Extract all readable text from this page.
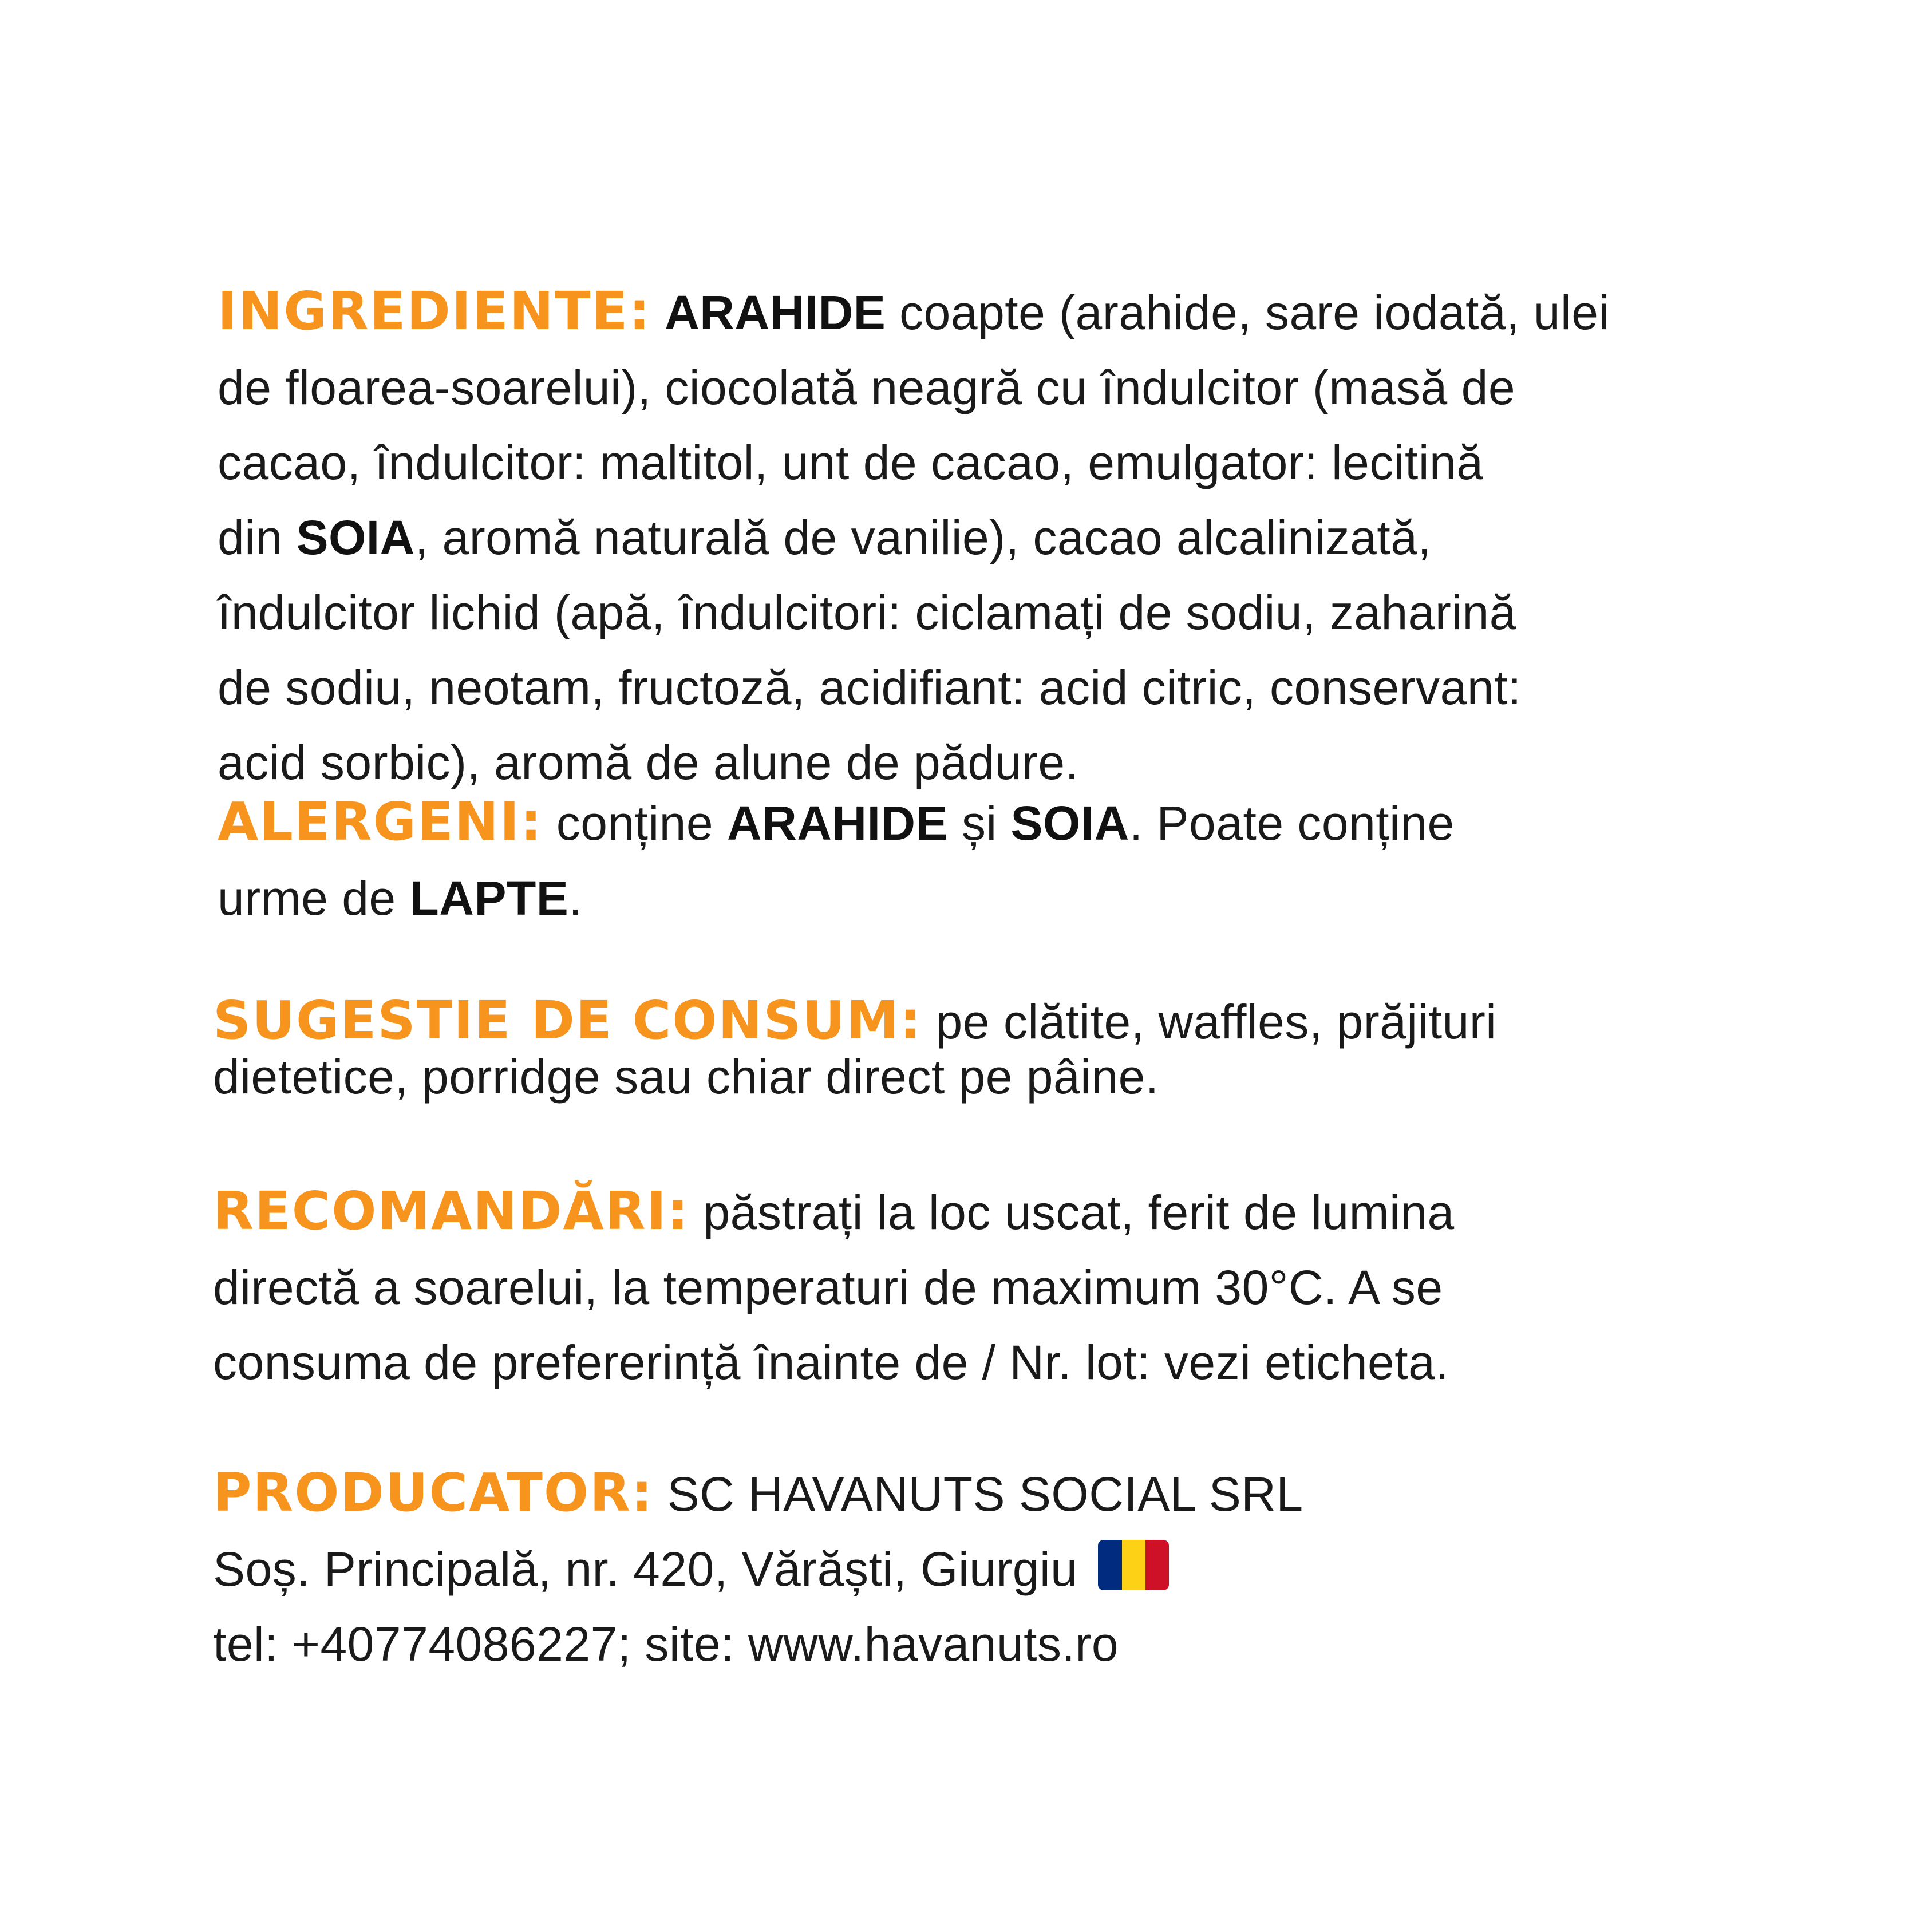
INGREDIENTE: ARAHIDE coapte (arahide, sare iodată, ulei
de floarea-soarelui), ciocolată neagră cu îndulcitor (masă de
cacao, îndulcitor: maltitol, unt de cacao, emulgator: lecitină
din SOIA, aromă naturală de vanilie), cacao alcalinizată,
îndulcitor lichid (apă, îndulcitori: ciclamați de sodiu, zaharină
de sodiu, neotam, fructoză, acidifiant: acid citric, conservant:
acid sorbic), aromă de alune de pădure.
ALERGENI: conține ARAHIDE și SOIA. Poate conține
urme de LAPTE.
SUGESTIE DE CONSUM: pe clătite, waffles, prăjituri
dietetice, porridge sau chiar direct pe pâine.
RECOMANDĂRI: păstrați la loc uscat, ferit de lumina
directă a soarelui, la temperaturi de maximum 30°C. A se
consuma de prefererință înainte de / Nr. lot: vezi eticheta.
PRODUCATOR: SC HAVANUTS SOCIAL SRL
Soș. Principală, nr. 420, Vărăști, Giurgiu
tel: +40774086227; site: www.havanuts.ro
